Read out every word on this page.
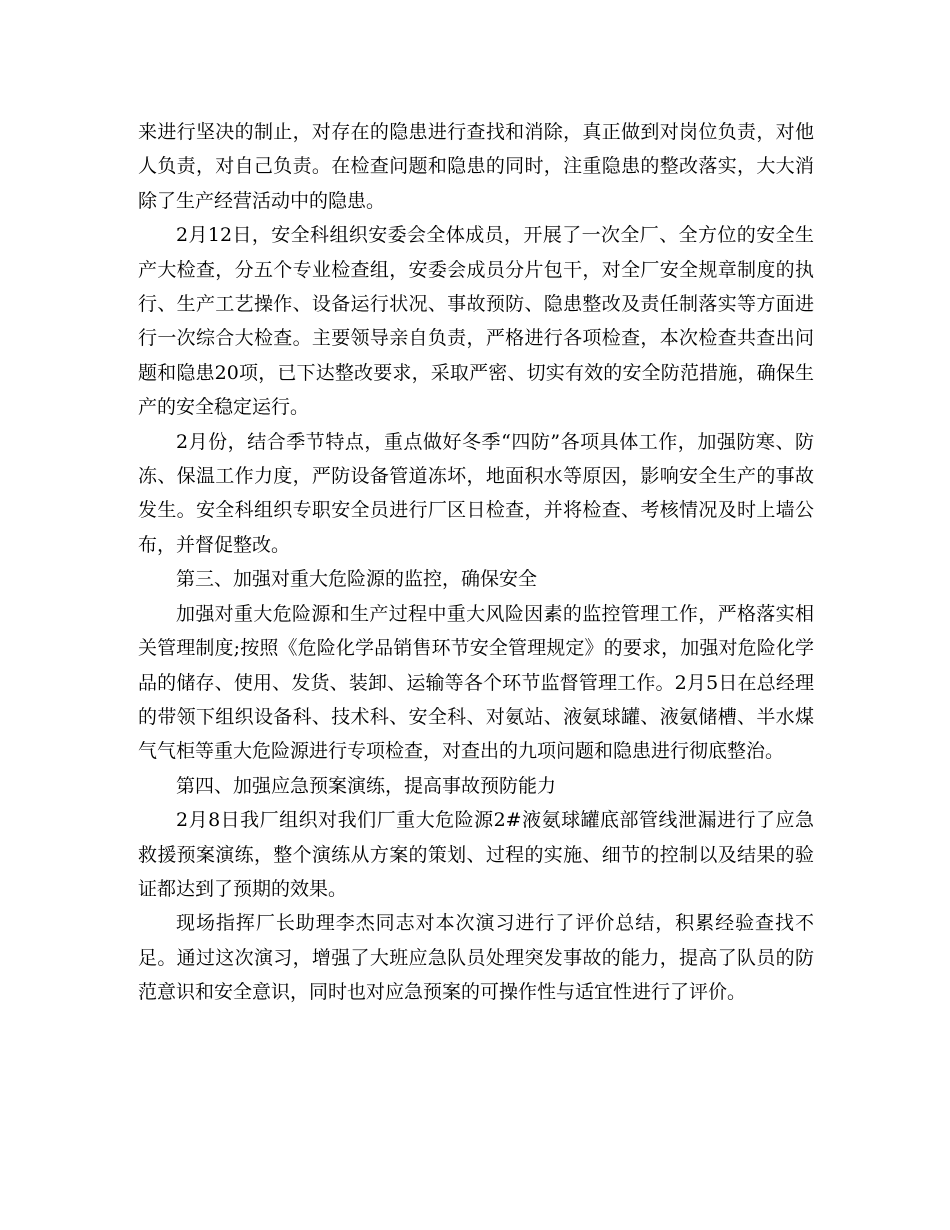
来进行坚决的制止，对存在的隐患进行查找和消除，真正做到对岗位负责，对他人负责，对自己负责。在检查问题和隐患的同时，注重隐患的整改落实，大大消除了生产经营活动中的隐患。

2月12日，安全科组织安委会全体成员，开展了一次全厂、全方位的安全生产大检查，分五个专业检查组，安委会成员分片包干，对全厂安全规章制度的执行、生产工艺操作、设备运行状况、事故预防、隐患整改及责任制落实等方面进行一次综合大检查。主要领导亲自负责，严格进行各项检查，本次检查共查出问题和隐患20项，已下达整改要求，采取严密、切实有效的安全防范措施，确保生产的安全稳定运行。

2月份，结合季节特点，重点做好冬季“四防”各项具体工作，加强防寒、防冻、保温工作力度，严防设备管道冻坏，地面积水等原因，影响安全生产的事故发生。安全科组织专职安全员进行厂区日检查，并将检查、考核情况及时上墙公布，并督促整改。

第三、加强对重大危险源的监控，确保安全

加强对重大危险源和生产过程中重大风险因素的监控管理工作，严格落实相关管理制度;按照《危险化学品销售环节安全管理规定》的要求，加强对危险化学品的储存、使用、发货、装卸、运输等各个环节监督管理工作。2月5日在总经理的带领下组织设备科、技术科、安全科、对氨站、液氨球罐、液氨储槽、半水煤气气柜等重大危险源进行专项检查，对查出的九项问题和隐患进行彻底整治。

第四、加强应急预案演练，提高事故预防能力

2月8日我厂组织对我们厂重大危险源2#液氨球罐底部管线泄漏进行了应急救援预案演练，整个演练从方案的策划、过程的实施、细节的控制以及结果的验证都达到了预期的效果。

现场指挥厂长助理李杰同志对本次演习进行了评价总结，积累经验查找不足。通过这次演习，增强了大班应急队员处理突发事故的能力，提高了队员的防范意识和安全意识，同时也对应急预案的可操作性与适宜性进行了评价。
